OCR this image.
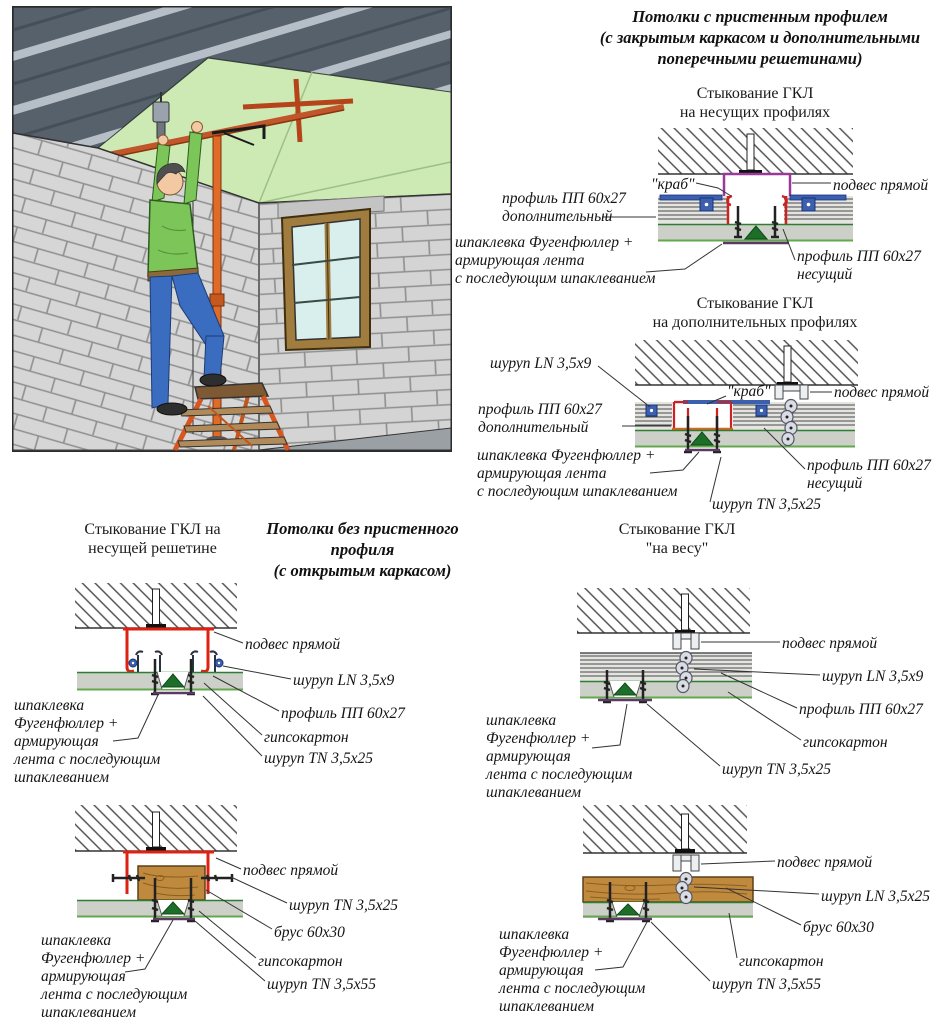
Потолки с пристенным профилем
(с закрытым каркасом и дополнительными
поперечными решетинами)
Стыкование ГКЛ
на несущих профилях
Стыкование ГКЛ
на дополнительных профилях
Стыкование ГКЛ на
несущей решетине
Потолки без пристенного профиля
(с открытым каркасом)
Стыкование ГКЛ
"на весу"
"краб"	подвес прямой
профиль ПП 60х27
дополнительный
шпаклевка Фугенфюллер +
армирующая лента
с последующим шпаклеванием
профиль ПП 60х27
несущий
шуруп LN 3,5х9
"краб"	подвес прямой
профиль ПП 60х27
дополнительный
шпаклевка Фугенфюллер +
армирующая лента
с последующим шпаклеванием
профиль ПП 60х27
несущий
шуруп TN 3,5х25
подвес прямой
шуруп LN 3,5х9
профиль ПП 60х27
гипсокартон
шуруп TN 3,5х25
шпаклевка
Фугенфюллер +
армирующая
лента с последующим
шпаклеванием
подвес прямой
шуруп TN 3,5х25
брус 60х30
гипсокартон
шуруп TN 3,5х55
шпаклевка
Фугенфюллер +
армирующая
лента с последующим
шпаклеванием
подвес прямой
шуруп LN 3,5х9
профиль ПП 60х27
гипсокартон
шуруп TN 3,5х25
шпаклевка
Фугенфюллер +
армирующая
лента с последующим
шпаклеванием
подвес прямой
шуруп LN 3,5х25
брус 60х30
гипсокартон
шуруп TN 3,5х55
шпаклевка
Фугенфюллер +
армирующая
лента с последующим
шпаклеванием
